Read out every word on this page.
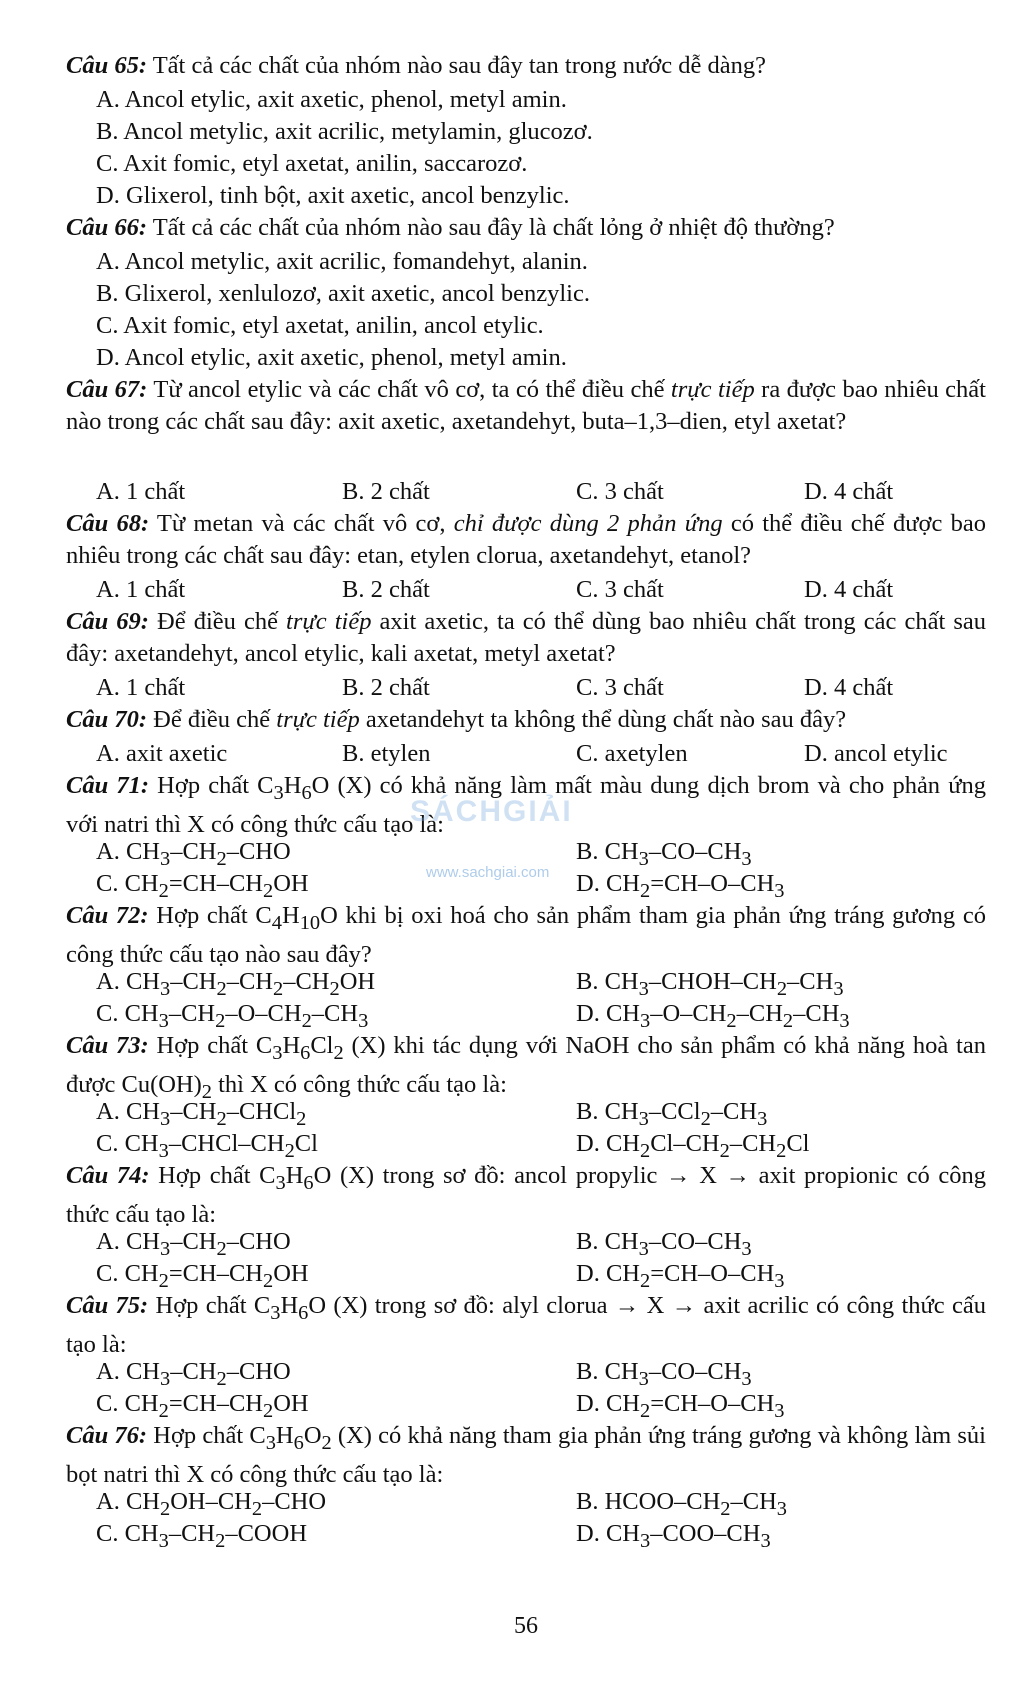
Câu 65: Tất cả các chất của nhóm nào sau đây tan trong nước dễ dàng?
A. Ancol etylic, axit axetic, phenol, metyl amin.
B. Ancol metylic, axit acrilic, metylamin, glucozơ.
C. Axit fomic, etyl axetat, anilin, saccarozơ.
D. Glixerol, tinh bột, axit axetic, ancol benzylic.
Câu 66: Tất cả các chất của nhóm nào sau đây là chất lỏng ở nhiệt độ thường?
A. Ancol metylic, axit acrilic, fomandehyt, alanin.
B. Glixerol, xenlulozơ, axit axetic, ancol benzylic.
C. Axit fomic, etyl axetat, anilin, ancol etylic.
D. Ancol etylic, axit axetic, phenol, metyl amin.
Câu 67: Từ ancol etylic và các chất vô cơ, ta có thể điều chế trực tiếp ra được bao nhiêu chất nào trong các chất sau đây: axit axetic, axetandehyt, buta–1,3–dien, etyl axetat?
A. 1 chất	B. 2 chất	C. 3 chất	D. 4 chất
Câu 68: Từ metan và các chất vô cơ, chỉ được dùng 2 phản ứng có thể điều chế được bao nhiêu trong các chất sau đây: etan, etylen clorua, axetandehyt, etanol?
A. 1 chất	B. 2 chất	C. 3 chất	D. 4 chất
Câu 69: Để điều chế trực tiếp axit axetic, ta có thể dùng bao nhiêu chất trong các chất sau đây: axetandehyt, ancol etylic, kali axetat, metyl axetat?
A. 1 chất	B. 2 chất	C. 3 chất	D. 4 chất
Câu 70: Để điều chế trực tiếp axetandehyt ta không thể dùng chất nào sau đây?
A. axit axetic	B. etylen	C. axetylen	D. ancol etylic
Câu 71: Hợp chất $C_3H_6O$ (X) có khả năng làm mất màu dung dịch brom và cho phản ứng với natri thì X có công thức cấu tạo là:
A. $CH_3-CH_2$–CHO	B. $CH_3-CO-CH_3$
C. $CH_2=CH-CH_2OH$	D. $CH_2=CH-O-CH_3$
SÁCHGIẢI
www.sachgiai.com
Câu 72: Hợp chất $C_4H_{10}O$ khi bị oxi hoá cho sản phẩm tham gia phản ứng tráng gương có công thức cấu tạo nào sau đây?
A. $CH_3-CH_2-CH_2-CH_2OH$	B. $CH_3-CHOH-CH_2-CH_3$
C. $CH_3-CH_2-O-CH_2-CH_3$	D. $CH_3-O-CH_2-CH_2-CH_3$
Câu 73: Hợp chất $C_3H_6Cl_2$ (X) khi tác dụng với NaOH cho sản phẩm có khả năng hoà tan được $Cu(OH)_2$ thì X có công thức cấu tạo là:
A. $CH_3-CH_2-CHCl_2$	B. $CH_3-CCl_2-CH_3$
C. $CH_3-CHCl-CH_2Cl$	D. $CH_2Cl-CH_2-CH_2Cl$
Câu 74: Hợp chất $C_3H_6O$ (X) trong sơ đồ: ancol propylic → X → axit propionic có công thức cấu tạo là:
A. $CH_3-CH_2$–CHO	B. $CH_3-CO-CH_3$
C. $CH_2=CH-CH_2OH$	D. $CH_2=CH-O-CH_3$
Câu 75: Hợp chất $C_3H_6O$ (X) trong sơ đồ: alyl clorua → X → axit acrilic có công thức cấu tạo là:
A. $CH_3-CH_2$–CHO	B. $CH_3-CO-CH_3$
C. $CH_2=CH-CH_2OH$	D. $CH_2=CH-O-CH_3$
Câu 76: Hợp chất $C_3H_6O_2$ (X) có khả năng tham gia phản ứng tráng gương và không làm sủi bọt natri thì X có công thức cấu tạo là:
A. $CH_2OH-CH_2$–CHO	B. HCOO–$CH_2-CH_3$
C. $CH_3-CH_2$–COOH	D. $CH_3-COO-CH_3$
56
